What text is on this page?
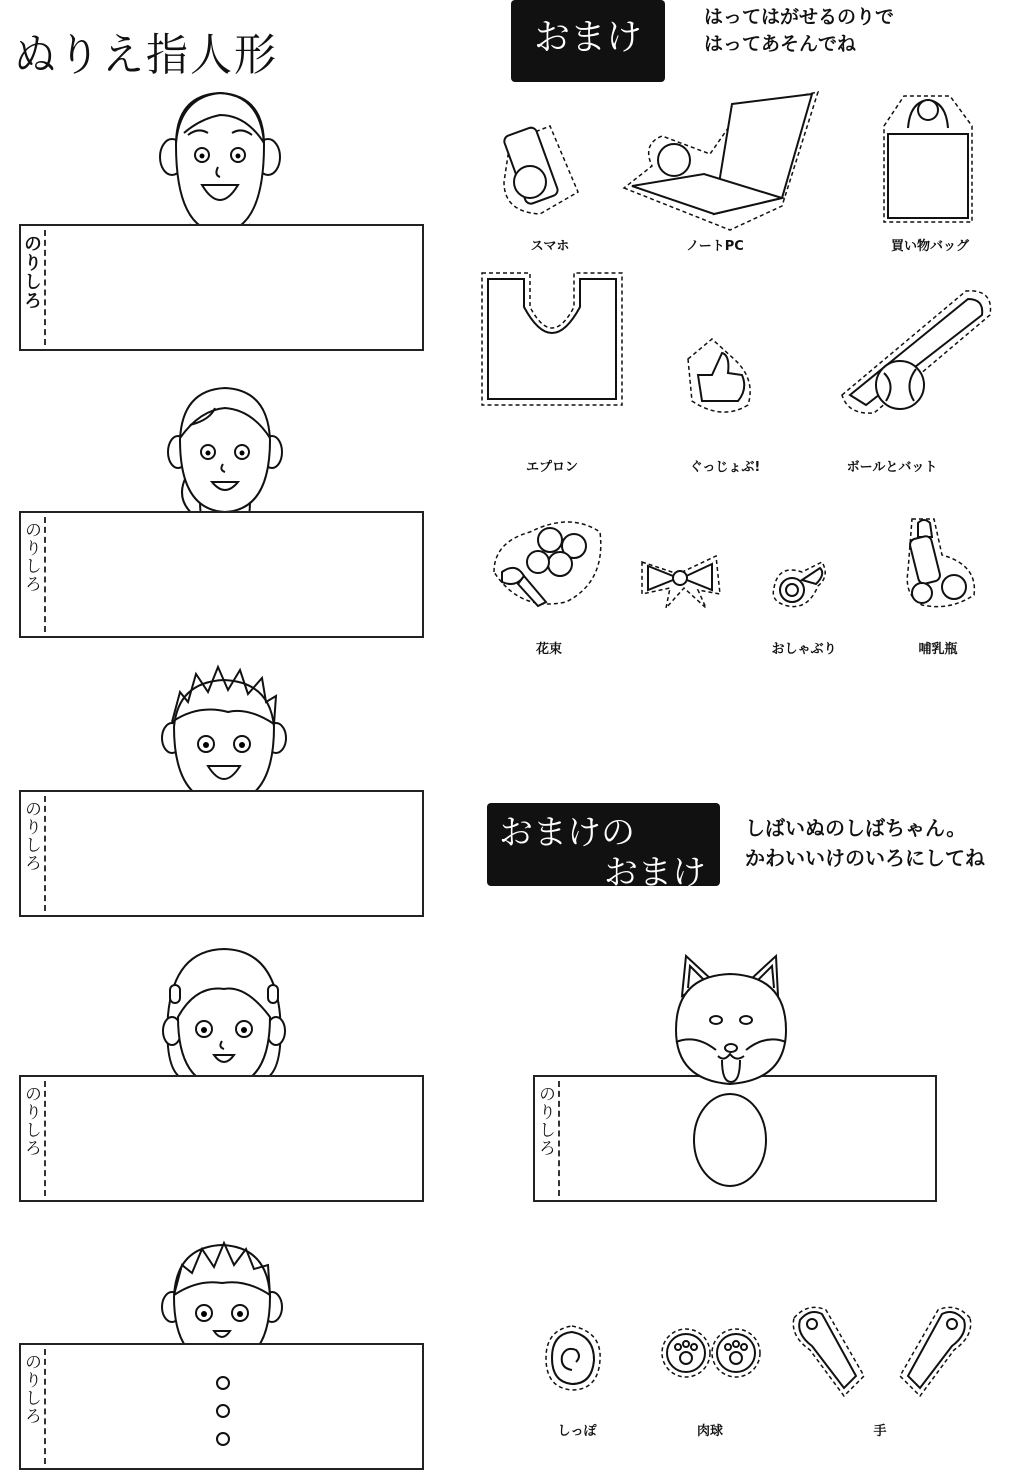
ぬりえ指人形
のりしろ
のりしろ
のりしろ
のりしろ
のりしろ
おまけ	はってはがせるのりで
はってあそんでね
スマホ	ノートPC	買い物バッグ
エプロン	ぐっじょぶ!	ボールとバット
花束	おしゃぶり	哺乳瓶
おまけの
おまけ
しばいぬのしばちゃん。
かわいいけのいろにしてね
のりしろ
しっぽ	肉球	手
